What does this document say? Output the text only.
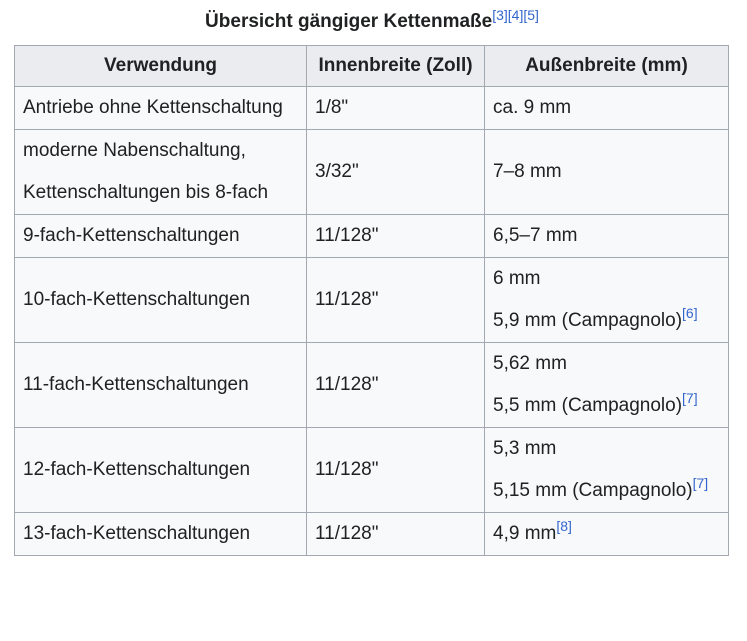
Übersicht gängiger Kettenmaße[3][4][5]
Verwendung	Innenbreite (Zoll)	Außenbreite (mm)

Antriebe ohne Kettenschaltung	1/8"	ca. 9 mm

moderne Nabenschaltung,
Kettenschaltungen bis 8-fach	3/32"	7–8 mm

9-fach-Kettenschaltungen	11/128"	6,5–7 mm

10-fach-Kettenschaltungen	11/128"	6 mm
5,9 mm (Campagnolo)[6]

11-fach-Kettenschaltungen	11/128"	5,62 mm
5,5 mm (Campagnolo)[7]

12-fach-Kettenschaltungen	11/128"	5,3 mm
5,15 mm (Campagnolo)[7]

13-fach-Kettenschaltungen	11/128"	4,9 mm[8]
